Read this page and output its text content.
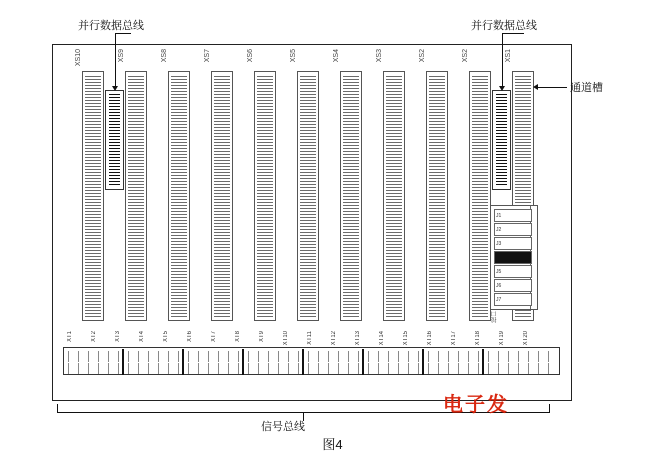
XS10	XS9	XS8	XS7	XS6	XS5	XS4	XS3	XS2	XS2	XS1
J1
J2
J3
J5
J6
J7
接口
XT1	XT2	XT3	XT4	XT5	XT6	XT7	XT8	XT9	XT10	XT11	XT12	XT13	XT14	XT15	XT16	XT17	XT18	XT19	XT20
并行数据总线	并行数据总线
通道槽
信号总线
电子发
图4
